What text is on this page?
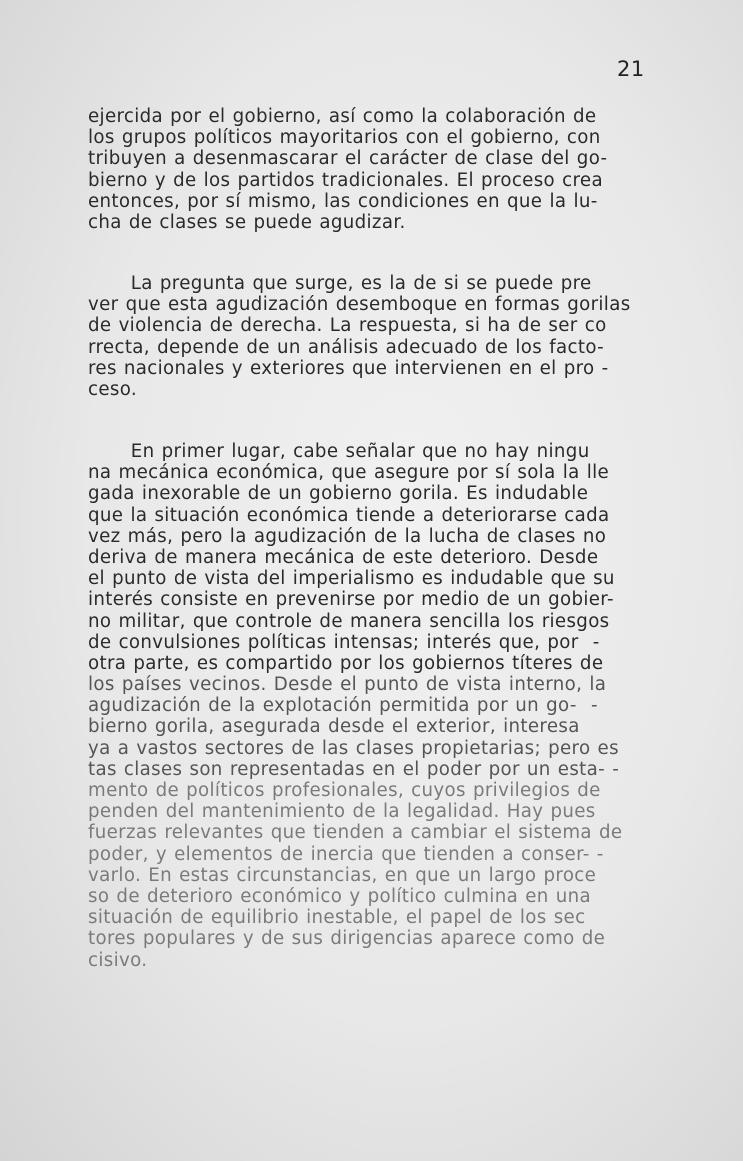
21
ejercida por el gobierno, así como la colaboración de
los grupos políticos mayoritarios con el gobierno, con
tribuyen a desenmascarar el carácter de clase del go-
bierno y de los partidos tradicionales. El proceso crea
entonces, por sí mismo, las condiciones en que la lu-
cha de clases se puede agudizar.
La pregunta que surge, es la de si se puede pre
ver que esta agudización desemboque en formas gorilas
de violencia de derecha. La respuesta, si ha de ser co
rrecta, depende de un análisis adecuado de los facto-
res nacionales y exteriores que intervienen en el pro -
ceso.
En primer lugar, cabe señalar que no hay ningu
na mecánica económica, que asegure por sí sola la lle
gada inexorable de un gobierno gorila. Es indudable
que la situación económica tiende a deteriorarse cada
vez más, pero la agudización de la lucha de clases no
deriva de manera mecánica de este deterioro. Desde
el punto de vista del imperialismo es indudable que su
interés consiste en prevenirse por medio de un gobier-
no militar, que controle de manera sencilla los riesgos
de convulsiones políticas intensas; interés que, por  -
otra parte, es compartido por los gobiernos títeres de
los países vecinos. Desde el punto de vista interno, la
agudización de la explotación permitida por un go-  -
bierno gorila, asegurada desde el exterior, interesa
ya a vastos sectores de las clases propietarias; pero es
tas clases son representadas en el poder por un esta- -
mento de políticos profesionales, cuyos privilegios de
penden del mantenimiento de la legalidad. Hay pues
fuerzas relevantes que tienden a cambiar el sistema de
poder, y elementos de inercia que tienden a conser- -
varlo. En estas circunstancias, en que un largo proce
so de deterioro económico y político culmina en una
situación de equilibrio inestable, el papel de los sec
tores populares y de sus dirigencias aparece como de
cisivo.
